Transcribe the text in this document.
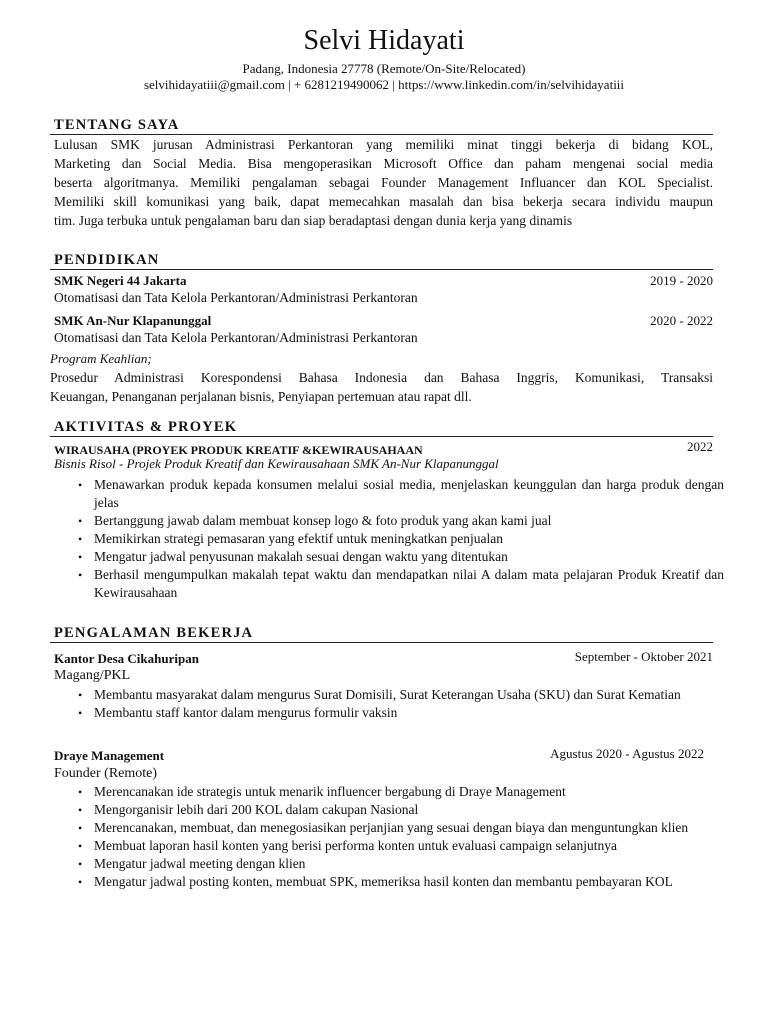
Selvi Hidayati
Padang, Indonesia 27778 (Remote/On-Site/Relocated)
selvihidayatiii@gmail.com | + 6281219490062 | https://www.linkedin.com/in/selvihidayatiii
TENTANG SAYA

Lulusan SMK jurusan Administrasi Perkantoran yang memiliki minat tinggi bekerja di bidang KOL,

Marketing dan Social Media. Bisa mengoperasikan Microsoft Office dan paham mengenai social media

beserta algoritmanya. Memiliki pengalaman sebagai Founder Management Influancer dan KOL Specialist.

Memiliki skill komunikasi yang baik, dapat memecahkan masalah dan bisa bekerja secara individu maupun

tim. Juga terbuka untuk pengalaman baru dan siap beradaptasi dengan dunia kerja yang dinamis

PENDIDIKAN
SMK Negeri 44 Jakarta	2019 - 2020
Otomatisasi dan Tata Kelola Perkantoran/Administrasi Perkantoran
SMK An-Nur Klapanunggal	2020 - 2022
Otomatisasi dan Tata Kelola Perkantoran/Administrasi Perkantoran
Program Keahlian;

Prosedur Administrasi Korespondensi Bahasa Indonesia dan Bahasa Inggris, Komunikasi, Transaksi

Keuangan, Penanganan perjalanan bisnis, Penyiapan pertemuan atau rapat dll.

AKTIVITAS & PROYEK
WIRAUSAHA (PROYEK PRODUK KREATIF &KEWIRAUSAHAAN	2022
Bisnis Risol - Projek Produk Kreatif dan Kewirausahaan SMK An-Nur Klapanunggal
• Menawarkan produk kepada konsumen melalui sosial media, menjelaskan keunggulan dan harga produk dengan jelas
• Bertanggung jawab dalam membuat konsep logo & foto produk yang akan kami jual
• Memikirkan strategi pemasaran yang efektif untuk meningkatkan penjualan
• Mengatur jadwal penyusunan makalah sesuai dengan waktu yang ditentukan
• Berhasil mengumpulkan makalah tepat waktu dan mendapatkan nilai A dalam mata pelajaran Produk Kreatif dan Kewirausahaan
PENGALAMAN BEKERJA
Kantor Desa Cikahuripan	September - Oktober 2021
Magang/PKL
• Membantu masyarakat dalam mengurus Surat Domisili, Surat Keterangan Usaha (SKU) dan Surat Kematian
• Membantu staff kantor dalam mengurus formulir vaksin
Draye Management	Agustus 2020 - Agustus 2022
Founder (Remote)
• Merencanakan ide strategis untuk menarik influencer bergabung di Draye Management
• Mengorganisir lebih dari 200 KOL dalam cakupan Nasional
• Merencanakan, membuat, dan menegosiasikan perjanjian yang sesuai dengan biaya dan menguntungkan klien
• Membuat laporan hasil konten yang berisi performa konten untuk evaluasi campaign selanjutnya
• Mengatur jadwal meeting dengan klien
• Mengatur jadwal posting konten, membuat SPK, memeriksa hasil konten dan membantu pembayaran KOL
